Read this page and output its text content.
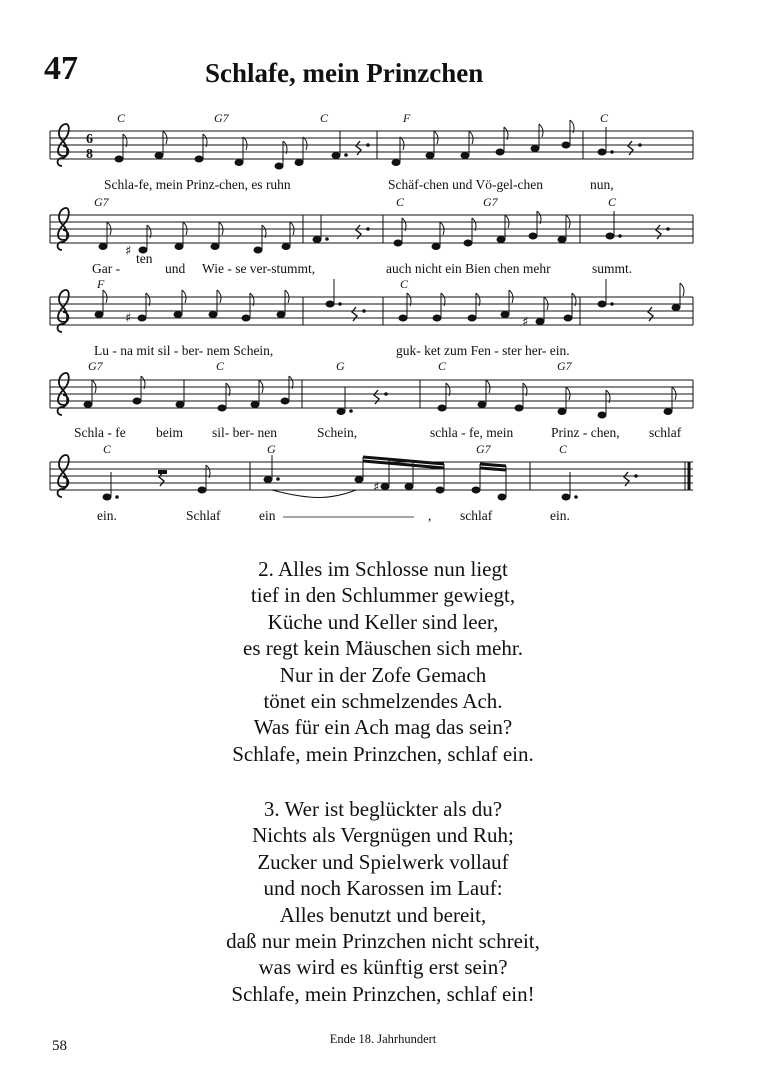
47	Schlafe, mein Prinzchen
6
8
♯
♯	♯
♯
C	G7	C	F	C
G7	C	G7	C
F	C
G7	C	G	C	G7
C	G	G7	C
Schla-fe, mein Prinz-chen, es ruhn	Schäf-chen und Vö-gel-chen	nun,
Gar -
ten
und Wie - se ver-stummt,	auch nicht ein Bien chen mehr	summt.
Lu - na mit sil - ber- nem Schein,	guk- ket zum Fen - ster her- ein.
Schla - fe beim sil- ber- nen	Schein,	schla - fe, mein	Prinz - chen, schlaf
ein.	Schlaf	ein	, schlaf	ein.
2. Alles im Schlosse nun liegt
tief in den Schlummer gewiegt,
Küche und Keller sind leer,
es regt kein Mäuschen sich mehr.
Nur in der Zofe Gemach
tönet ein schmelzendes Ach.
Was für ein Ach mag das sein?
Schlafe, mein Prinzchen, schlaf ein.
3. Wer ist beglückter als du?
Nichts als Vergnügen und Ruh;
Zucker und Spielwerk vollauf
und noch Karossen im Lauf:
Alles benutzt und bereit,
daß nur mein Prinzchen nicht schreit,
was wird es künftig erst sein?
Schlafe, mein Prinzchen, schlaf ein!
Ende 18. Jahrhundert
58
